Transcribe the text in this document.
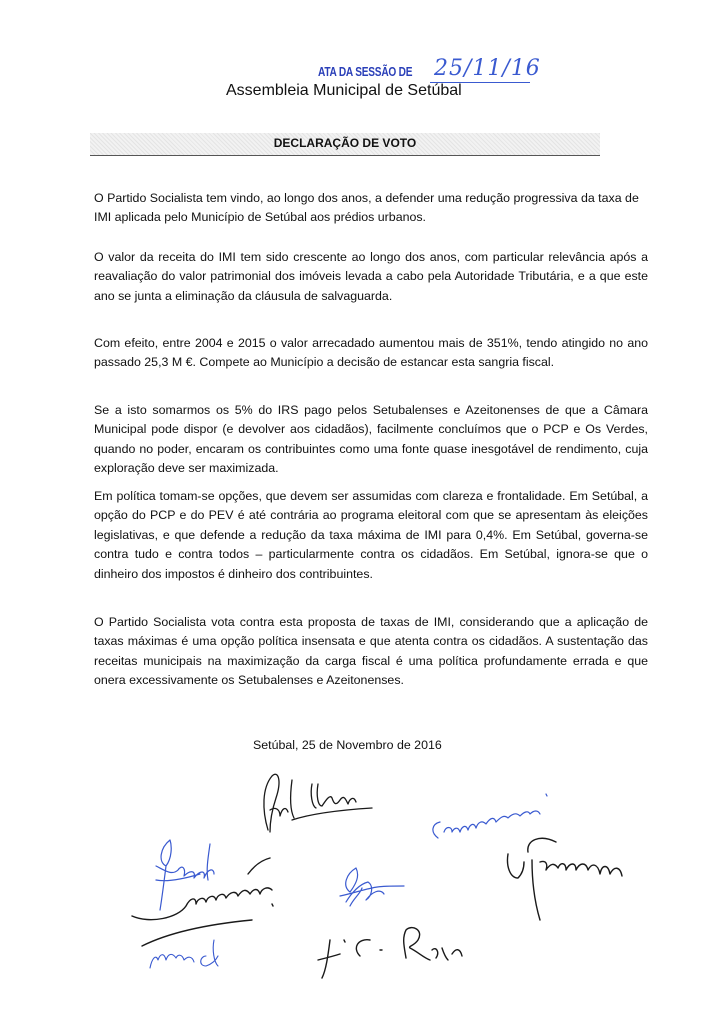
ATA DA SESSÃO DE 25/11/16
Assembleia Municipal de Setúbal
DECLARAÇÃO DE VOTO
O Partido Socialista tem vindo, ao longo dos anos, a defender uma redução progressiva da taxa de IMI aplicada pelo Município de Setúbal aos prédios urbanos.
O valor da receita do IMI tem sido crescente ao longo dos anos, com particular relevância após a reavaliação do valor patrimonial dos imóveis levada a cabo pela Autoridade Tributária, e a que este ano se junta a eliminação da cláusula de salvaguarda.
Com efeito, entre 2004 e 2015 o valor arrecadado aumentou mais de 351%, tendo atingido no ano passado 25,3 M €. Compete ao Município a decisão de estancar esta sangria fiscal.
Se a isto somarmos os 5% do IRS pago pelos Setubalenses e Azeitonenses de que a Câmara Municipal pode dispor (e devolver aos cidadãos), facilmente concluímos que o PCP e Os Verdes, quando no poder, encaram os contribuintes como uma fonte quase inesgotável de rendimento, cuja exploração deve ser maximizada.
Em política tomam-se opções, que devem ser assumidas com clareza e frontalidade. Em Setúbal, a opção do PCP e do PEV é até contrária ao programa eleitoral com que se apresentam às eleições legislativas, e que defende a redução da taxa máxima de IMI para 0,4%. Em Setúbal, governa-se contra tudo e contra todos – particularmente contra os cidadãos. Em Setúbal, ignora-se que o dinheiro dos impostos é dinheiro dos contribuintes.
O Partido Socialista vota contra esta proposta de taxas de IMI, considerando que a aplicação de taxas máximas é uma opção política insensata e que atenta contra os cidadãos. A sustentação das receitas municipais na maximização da carga fiscal é uma política profundamente errada e que onera excessivamente os Setubalenses e Azeitonenses.
Setúbal, 25 de Novembro de 2016
